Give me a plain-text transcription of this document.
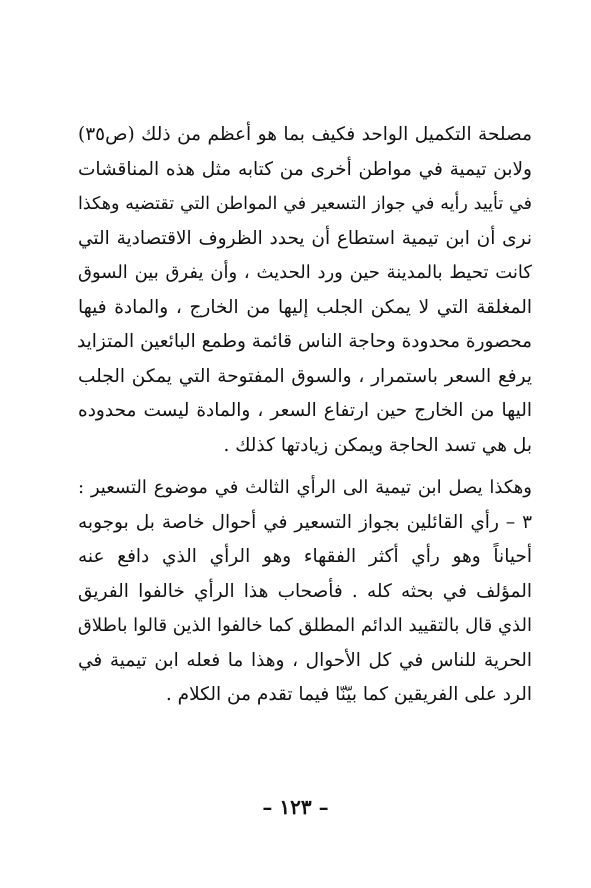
مصلحة التكميل الواحد فكيف بما هو أعظم من ذلك (ص٣٥)
ولابن تيمية في مواطن أخرى من كتابه مثل هذه المناقشات
في تأييد رأيه في جواز التسعير في المواطن التي تقتضيه وهكذا
نرى أن ابن تيمية استطاع أن يحدد الظروف الاقتصادية التي
كانت تحيط بالمدينة حين ورد الحديث ، وأن يفرق بين السوق
المغلقة التي لا يمكن الجلب إليها من الخارج ، والمادة فيها
محصورة محدودة وحاجة الناس قائمة وطمع البائعين المتزايد
يرفع السعر باستمرار ، والسوق المفتوحة التي يمكن الجلب
اليها من الخارج حين ارتفاع السعر ، والمادة ليست محدوده
بل هي تسد الحاجة ويمكن زيادتها كذلك .
وهكذا يصل ابن تيمية الى الرأي الثالث في موضوع التسعير :
٣ – رأي القائلين بجواز التسعير في أحوال خاصة بل بوجوبه
أحياناً وهو رأي أكثر الفقهاء وهو الرأي الذي دافع عنه
المؤلف في بحثه كله . فأصحاب هذا الرأي خالفوا الفريق
الذي قال بالتقييد الدائم المطلق كما خالفوا الذين قالوا باطلاق
الحرية للناس في كل الأحوال ، وهذا ما فعله ابن تيمية في
الرد على الفريقين كما بيّنّا فيما تقدم من الكلام .
– ١٢٣ –
